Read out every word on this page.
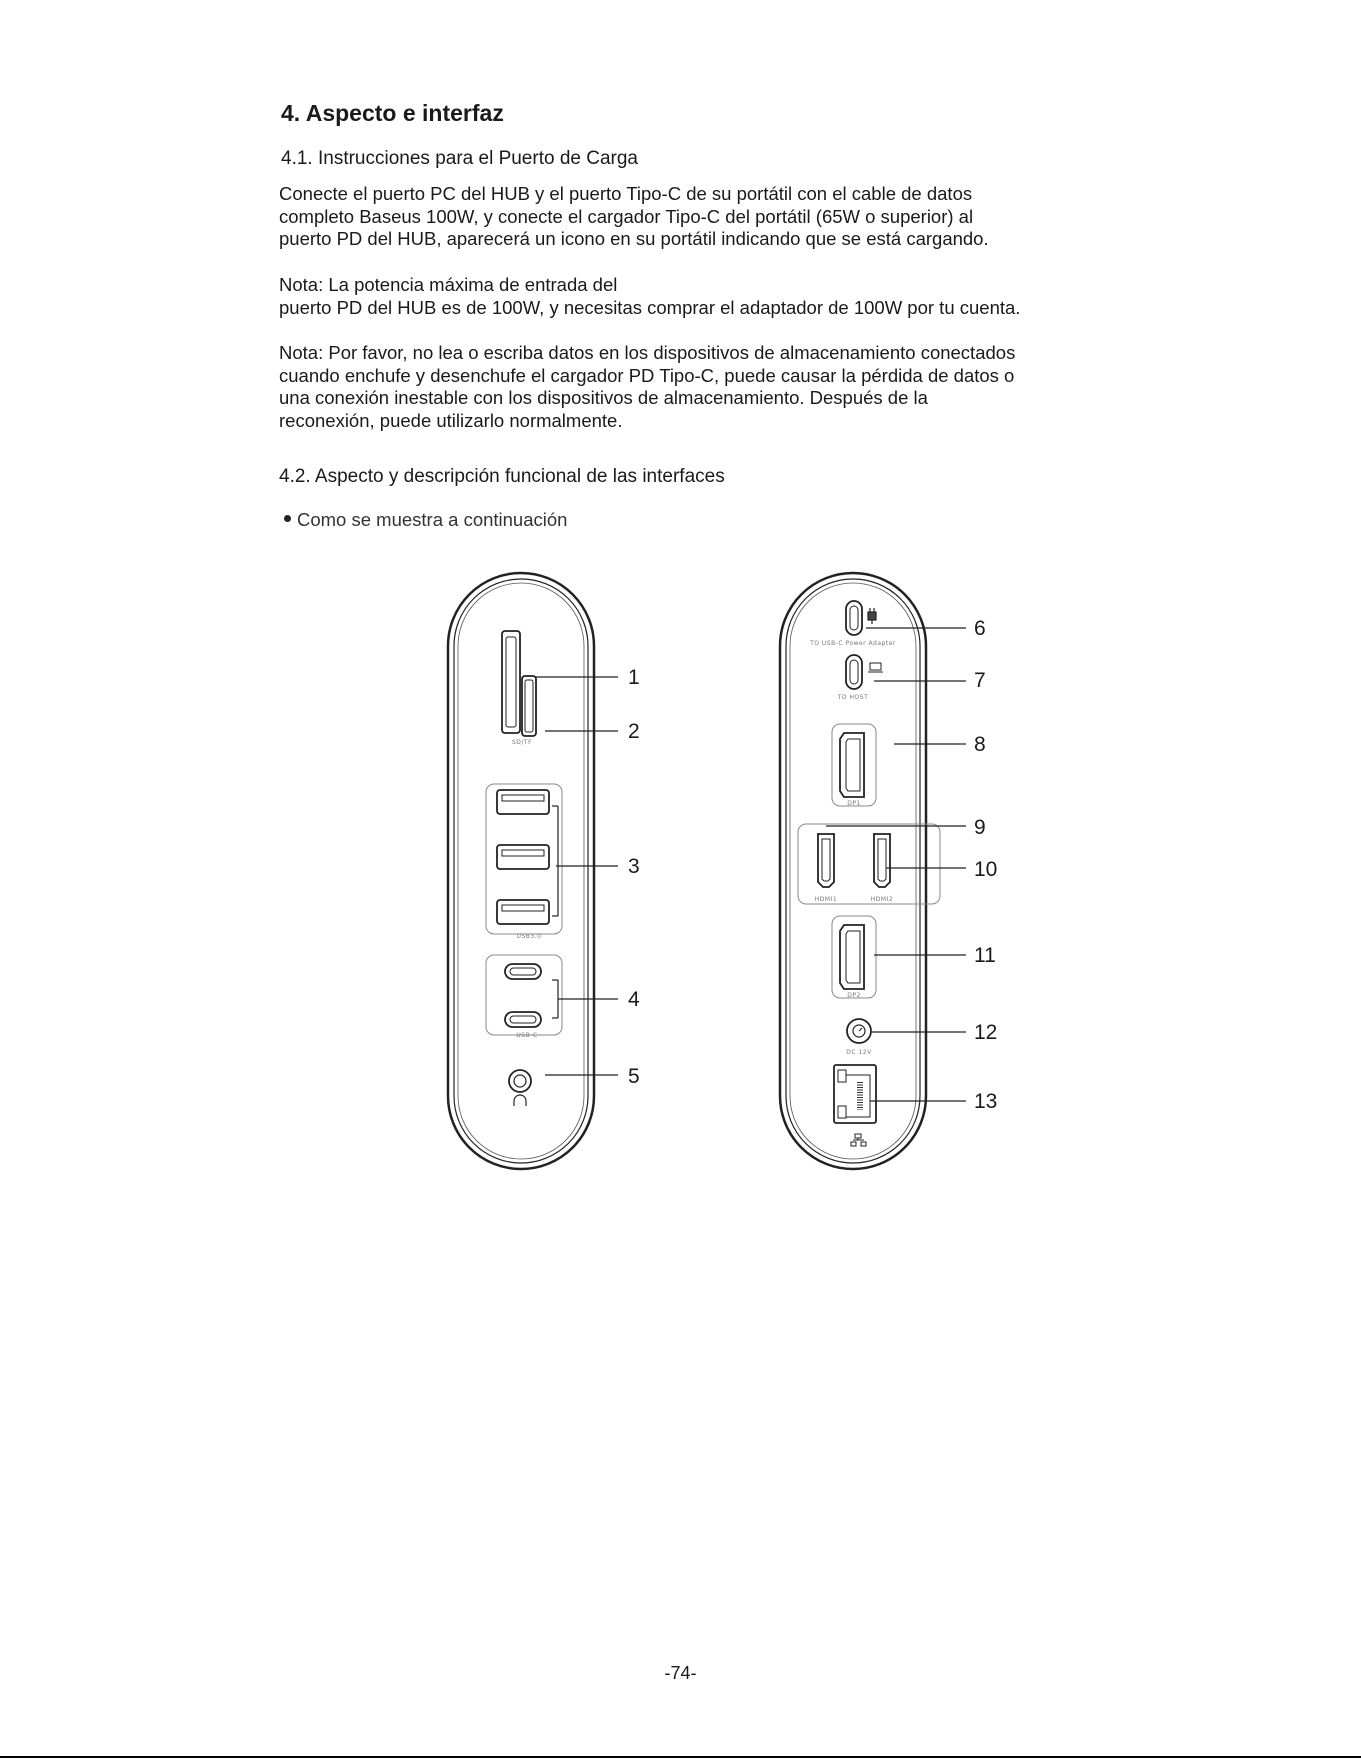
4. Aspecto e interfaz
4.1. Instrucciones para el Puerto de Carga

Conecte el puerto PC del HUB y el puerto Tipo-C de su portátil con el cable de datos
completo Baseus 100W, y conecte el cargador Tipo-C del portátil (65W o superior) al
puerto PD del HUB, aparecerá un icono en su portátil indicando que se está cargando.

Nota: La potencia máxima de entrada del
puerto PD del HUB es de 100W, y necesitas comprar el adaptador de 100W por tu cuenta.

Nota: Por favor, no lea o escriba datos en los dispositivos de almacenamiento conectados
cuando enchufe y desenchufe el cargador PD Tipo-C, puede causar la pérdida de datos o
una conexión inestable con los dispositivos de almacenamiento. Después de la
reconexión, puede utilizarlo normalmente.

4.2. Aspecto y descripción funcional de las interfaces

Como se muestra a continuación

SD/TF
USB3.0
USB-C
TO USB-C Power Adapter
TO HOST
DP1
HDMI1	HDMI2
DP2
DC 12V
1
2
3
4
5
6
7
8
9
10
11
12
13
-74-
